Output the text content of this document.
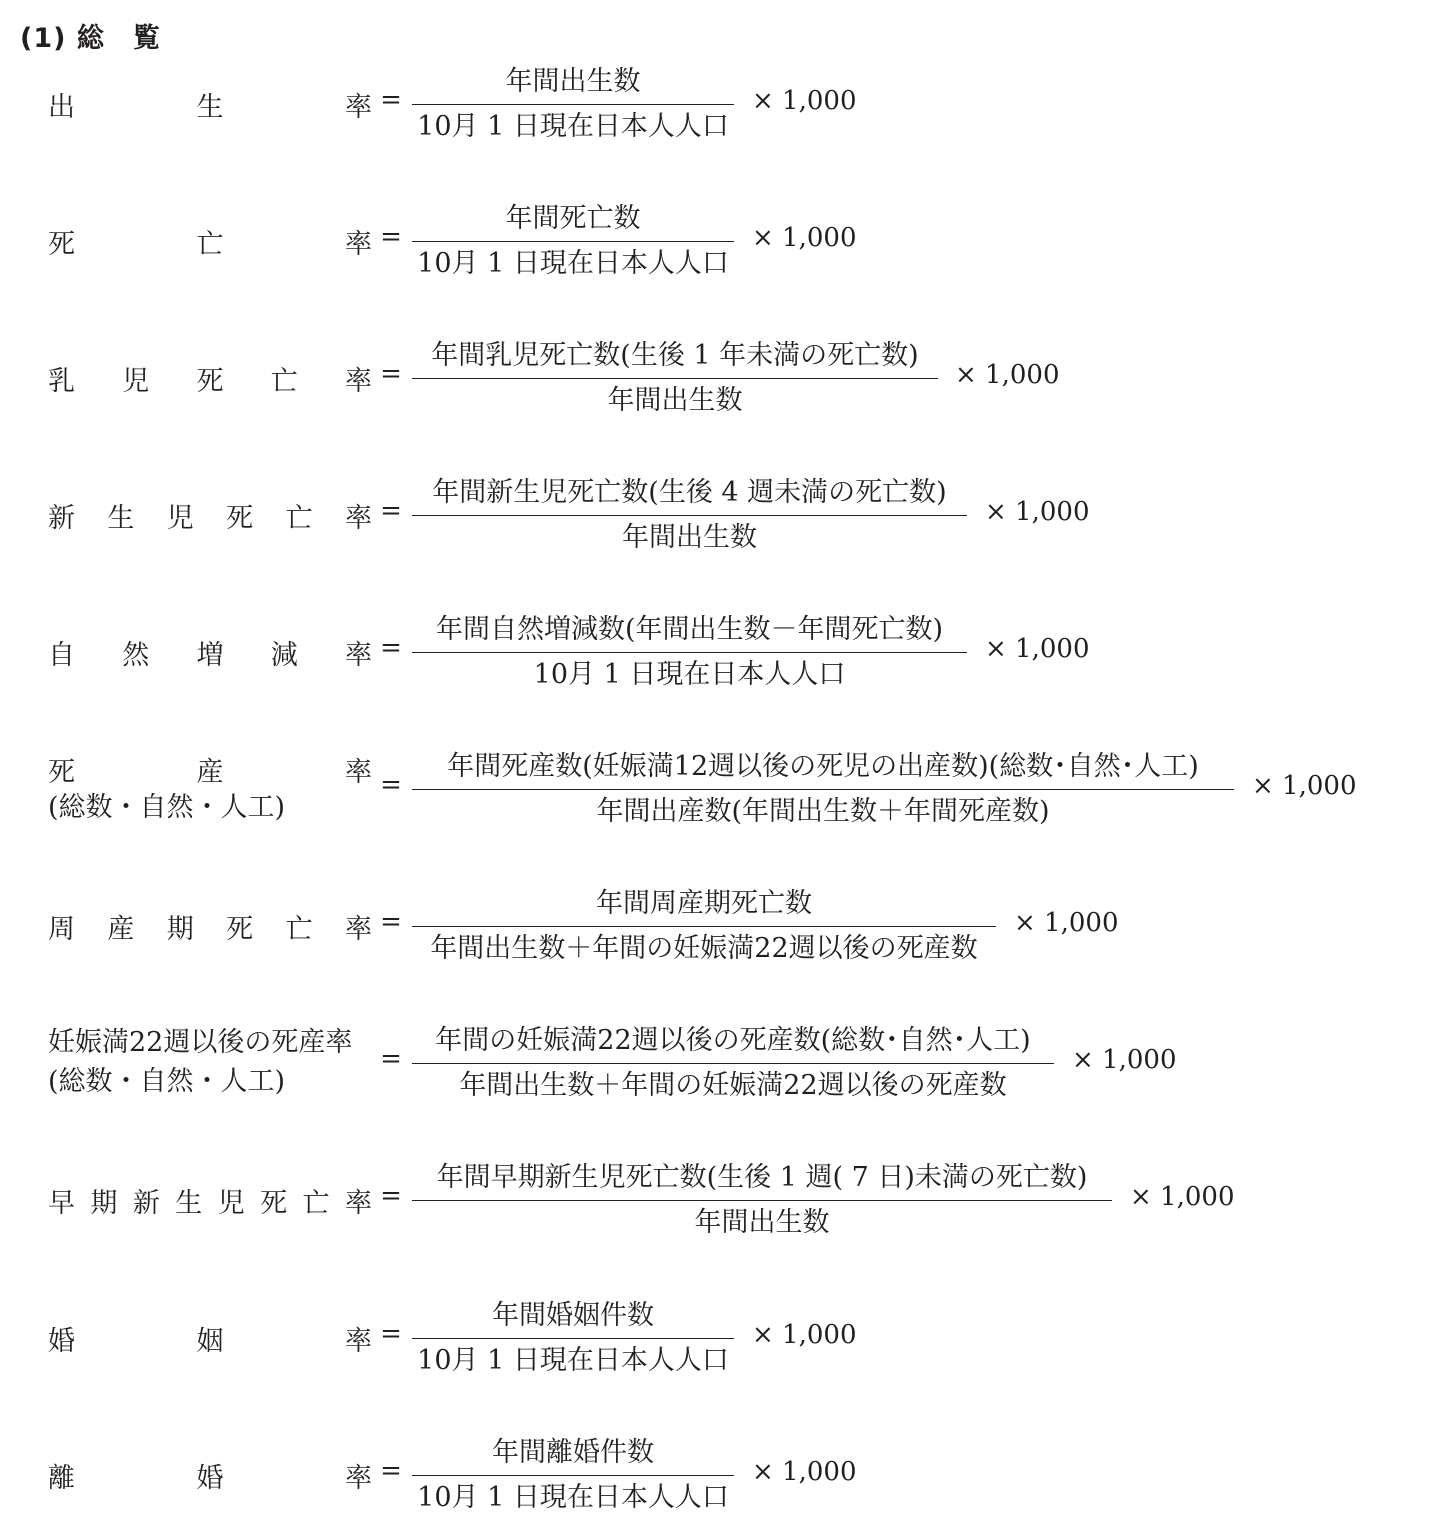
(1) 総　覧
出	生	率 =
年間出生数
10月 1 日現在日本人人口
× 1,000
死	亡	率 =
年間死亡数
10月 1 日現在日本人人口
× 1,000
乳 児 死 亡 率 =
年間乳児死亡数(生後 1 年未満の死亡数)
年間出生数
× 1,000
新 生 児 死 亡 率 =
年間新生児死亡数(生後 4 週未満の死亡数)
年間出生数
× 1,000
自 然 増 減 率 =
年間自然増減数(年間出生数－年間死亡数)
10月 1 日現在日本人人口
× 1,000
死	産	率
(総数・自然・人工)
=
年間死産数(妊娠満12週以後の死児の出産数)(総数･自然･人工)
年間出産数(年間出生数＋年間死産数)
× 1,000
周 産 期 死 亡 率 =
年間周産期死亡数
年間出生数＋年間の妊娠満22週以後の死産数
× 1,000
妊娠満22週以後の死産率
(総数・自然・人工)
=
年間の妊娠満22週以後の死産数(総数･自然･人工)
年間出生数＋年間の妊娠満22週以後の死産数
× 1,000
早 期 新 生 児 死 亡 率 =
年間早期新生児死亡数(生後 1 週( 7 日)未満の死亡数)
年間出生数
× 1,000
婚	姻	率 =
年間婚姻件数
10月 1 日現在日本人人口
× 1,000
離	婚	率 =
年間離婚件数
10月 1 日現在日本人人口
× 1,000
